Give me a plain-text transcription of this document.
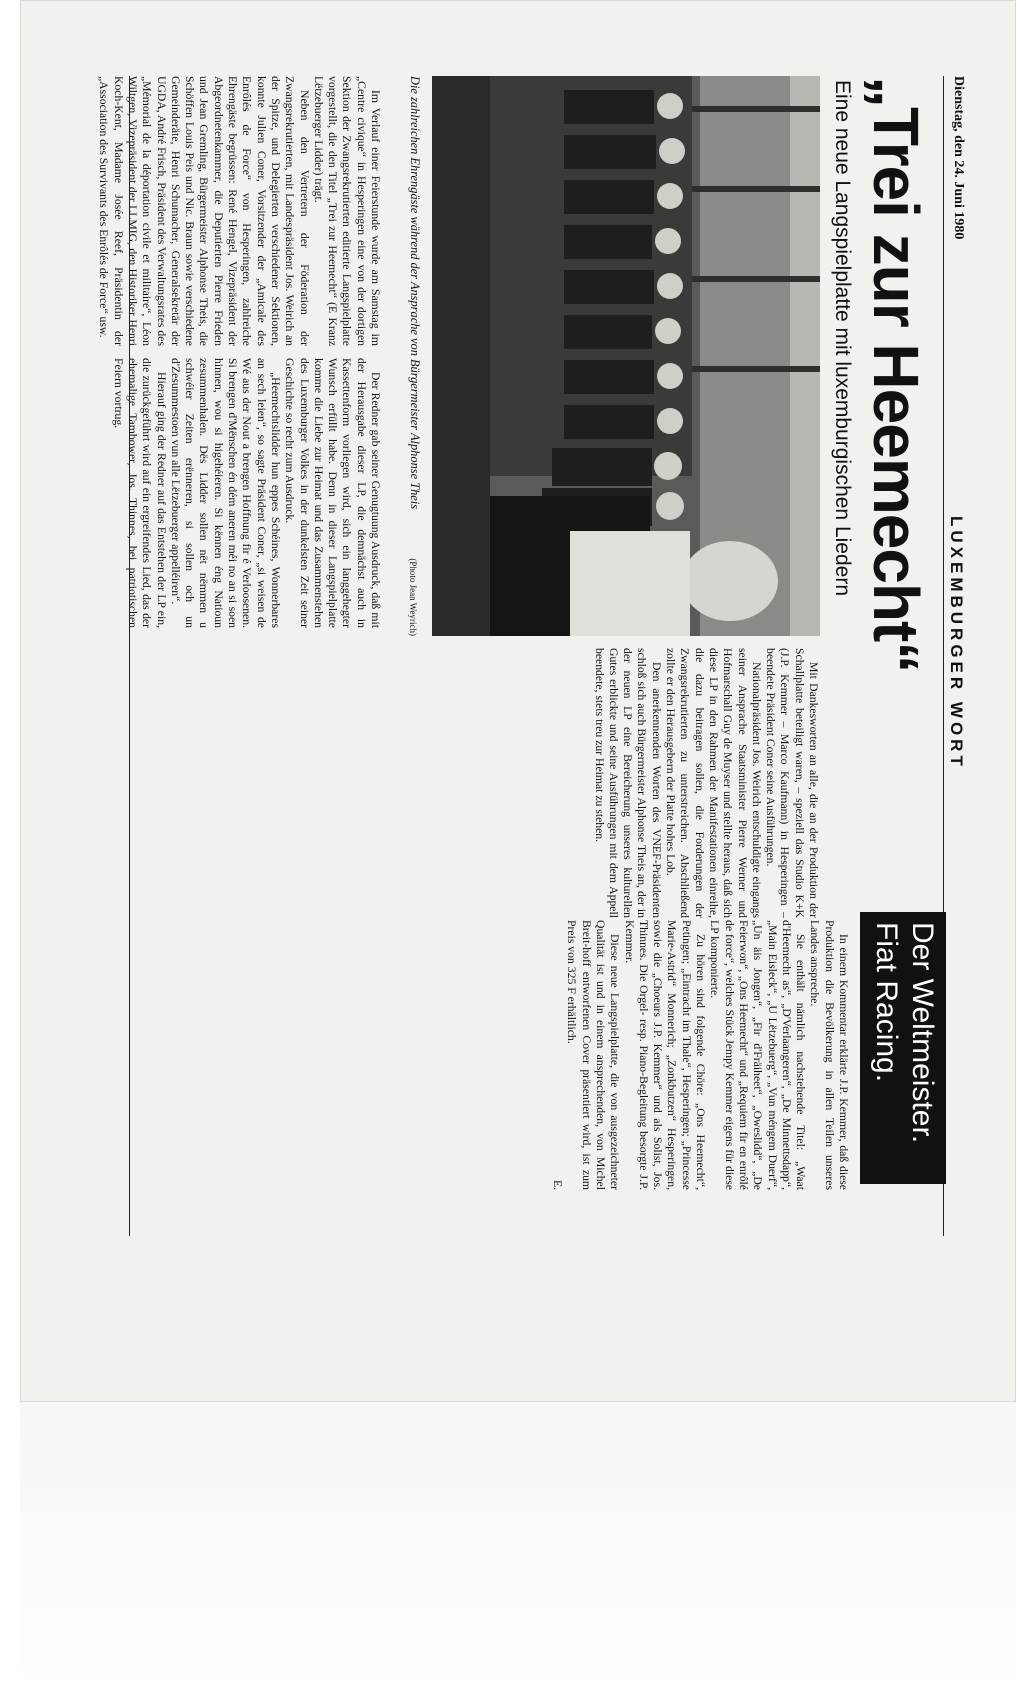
Dienstag, den 24. Juni 1980
LUXEMBURGER WORT
„Trei zur Heemecht“
Eine neue Langspielplatte mit luxemburgischen Liedern
Der Weltmeister.
Fiat Racing.
Die zahlreichen Ehrengäste während der Ansprache von Bürgermeister Alphonse Theis
(Photo Jean Weyrich)

Im Verlauf einer Feierstunde wurde am Samstag im „Centre civique“ in Hesperingen eine von der dortigen Sektion der Zwangsrekrutierten editierte Langspielplatte vorgestellt, die den Titel „Trei zur Heemecht“ (E Kranz Lëtzebuerger Lidder) trägt.

Neben den Vertretern der Föderation der Zwangsrekrutierten, mit Landespräsident Jos. Weirich an der Spitze, und Delegierten verschiedener Sektionen, konnte Julien Coner, Vorsitzender der „Amicale des Enrôlés de Force“ von Hesperingen, zahlreiche Ehrengäste begrüssen: René Hengel, Vizepräsident der Abgeordnetenkammer, die Deputierten Pierre Frieden und Jean Gremling, Bürgermeister Alphonse Theis, die Schöffen Louis Peis und Nic. Braun sowie verschiedene Gemeinderäte, Henri Schumacher, Generalsekretär der UGDA, André Frisch, Präsident des Verwaltungsrates des „Mémorial de la déportation civile et militaire“, Léon Wiltgen, Vizepräsident der LLMIG, den Historiker Henri Koch-Kent, Madame Josée Reef, Präsidentin der „Association des Survivants des Enrôlés de Force“ usw.

Der Redner gab seiner Genugtuung Ausdruck, daß mit der Herausgabe dieser LP, die demnächst auch in Kassettenform vorliegen wird, sich ein langgehegter Wunsch erfüllt habe. Denn in dieser Langspielplatte komme die Liebe zur Heimat und das Zusammenstehen des Luxemburger Volkes in der dunkelsten Zeit seiner Geschichte so recht zum Ausdruck.

„Heemechtslidder hun eppes Schéines, Wonnerbares an sech leien“, so sagte Präsident Coner, „si weisen de Wé aus der Nout a brengen Hoffnung fir é Verloosenen. Si brengen d'Mënschen én dém aneren méi no an si soen hinnen, wou si higehéieren. Si kënnen éng Natioun zesummenhalen. Dës Lidder sollen nët nëmmen u schwéier Zeiten erënneren, si sollen och un d'Zesummestoen vun alle Lëtzebuerger appelléiren“.

Hierauf ging der Redner auf das Entstehen der LP ein, die zurückgeführt wird auf ein ergreifendes Lied, das der ehemalige Tambower, Jos. Thinnes, bei patriotischen Feiern vortrug.

Mit Dankesworten an alle, die an der Produktion der Schallplatte beteiligt waren, – speziell das Studio K+K (J.P. Kemmer – Marco Kaufmann) in Hesperingen – beendete Präsident Coner seine Ausführungen.

Nationalpräsident Jos. Weirich entschuldigte eingangs seiner Ansprache Staatsminister Pierre Werner und Hofmarschall Guy de Muyser und stellte heraus, daß sich diese LP in den Rahmen der Manifestationen einreihe, die dazu beitragen sollen, die Forderungen der Zwangsrekrutierten zu unterstreichen. Abschließend zollte er den Herausgebern der Platte hohes Lob.

Den anerkennenden Worten des VNEF-Präsidenten schloß sich auch Bürgermeister Alphonse Theis an, der in der neuen LP eine Bereicherung unseres kulturellen Gutes erblickte und seine Ausführungen mit dem Appell beendete, stets treu zur Heimat zu stehen.

In einem Kommentar erklärte J.P. Kemmer, daß diese Produktion die Bevölkerung in allen Teilen unseres Landes anspreche.

Sie enthält nämlich nachstehende Titel: „Waat d'Heemecht as“, „D'Verlaangeren“, „De Minnettsdapp“, „Main Eisleck“, „U Lëtzebuerg“, „Vun méngem Duerf“, „Un äis Jongen“, „Fir d'Fräiheet“, „Oweslidd“, „De Feierwon“, „Ons Heemecht“ und „Requiem fir en enrôlé de force“, welches Stück Jempy Kemmer eigens für diese LP komponierte.

Zu hören sind folgende Chöre: „Ons Heemecht“, Petingen; „Eintracht im Thale“, Hesperingen; „Princesse Marie-Astrid“ Monnerich; „Zonkbutzen“ Hesperingen, sowie die „Choeurs J.P. Kemmer“ und als Solist, Jos. Thinnes. Die Orgel- resp. Piano-Begleitung besorgte J.P. Kemmer.

Diese neue Langspielplatte, die von ausgezeichneter Qualität ist und in einem ansprechenden, von Michel Breit-hoff entworfenen Cover präsentiert wird, ist zum Preis von 325 F erhältlich.

E.
